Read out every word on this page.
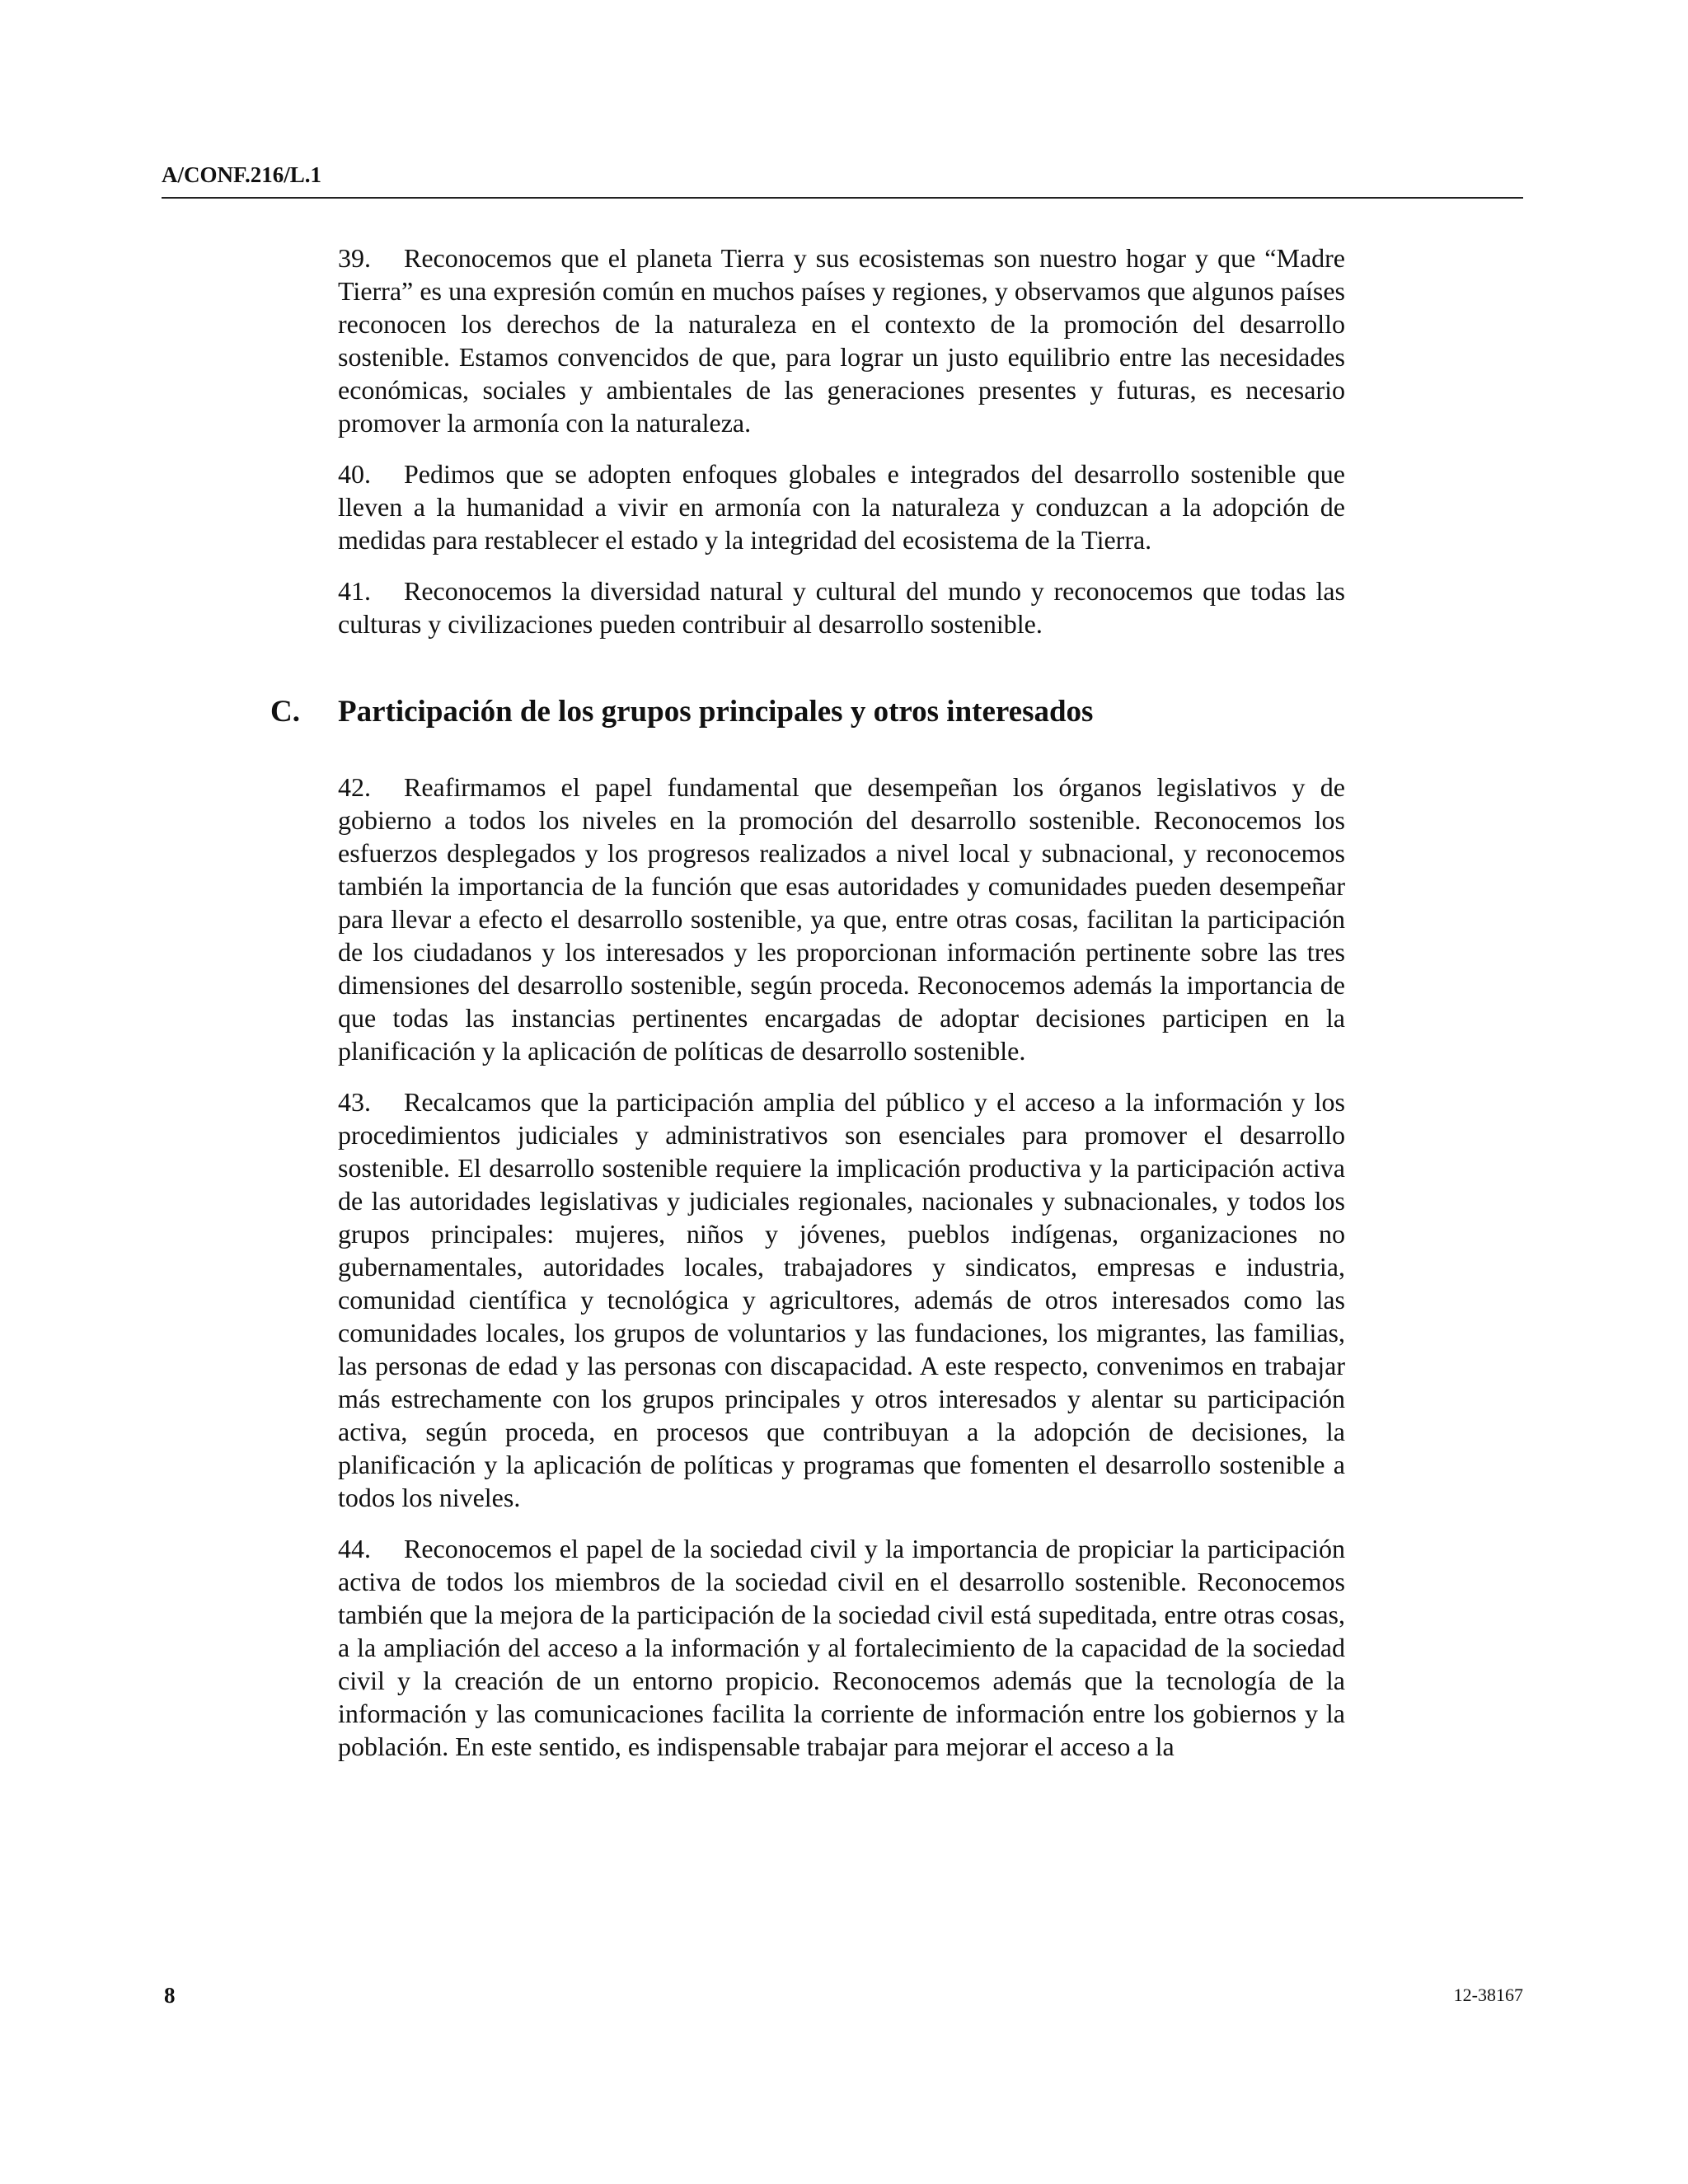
A/CONF.216/L.1

39. Reconocemos que el planeta Tierra y sus ecosistemas son nuestro hogar y que “Madre Tierra” es una expresión común en muchos países y regiones, y observamos que algunos países reconocen los derechos de la naturaleza en el contexto de la promoción del desarrollo sostenible. Estamos convencidos de que, para lograr un justo equilibrio entre las necesidades económicas, sociales y ambientales de las generaciones presentes y futuras, es necesario promover la armonía con la naturaleza.

40. Pedimos que se adopten enfoques globales e integrados del desarrollo sostenible que lleven a la humanidad a vivir en armonía con la naturaleza y conduzcan a la adopción de medidas para restablecer el estado y la integridad del ecosistema de la Tierra.

41. Reconocemos la diversidad natural y cultural del mundo y reconocemos que todas las culturas y civilizaciones pueden contribuir al desarrollo sostenible.

C. Participación de los grupos principales y otros interesados

42. Reafirmamos el papel fundamental que desempeñan los órganos legislativos y de gobierno a todos los niveles en la promoción del desarrollo sostenible. Reconocemos los esfuerzos desplegados y los progresos realizados a nivel local y subnacional, y reconocemos también la importancia de la función que esas autoridades y comunidades pueden desempeñar para llevar a efecto el desarrollo sostenible, ya que, entre otras cosas, facilitan la participación de los ciudadanos y los interesados y les proporcionan información pertinente sobre las tres dimensiones del desarrollo sostenible, según proceda. Reconocemos además la importancia de que todas las instancias pertinentes encargadas de adoptar decisiones participen en la planificación y la aplicación de políticas de desarrollo sostenible.

43. Recalcamos que la participación amplia del público y el acceso a la información y los procedimientos judiciales y administrativos son esenciales para promover el desarrollo sostenible. El desarrollo sostenible requiere la implicación productiva y la participación activa de las autoridades legislativas y judiciales regionales, nacionales y subnacionales, y todos los grupos principales: mujeres, niños y jóvenes, pueblos indígenas, organizaciones no gubernamentales, autoridades locales, trabajadores y sindicatos, empresas e industria, comunidad científica y tecnológica y agricultores, además de otros interesados como las comunidades locales, los grupos de voluntarios y las fundaciones, los migrantes, las familias, las personas de edad y las personas con discapacidad. A este respecto, convenimos en trabajar más estrechamente con los grupos principales y otros interesados y alentar su participación activa, según proceda, en procesos que contribuyan a la adopción de decisiones, la planificación y la aplicación de políticas y programas que fomenten el desarrollo sostenible a todos los niveles.

44. Reconocemos el papel de la sociedad civil y la importancia de propiciar la participación activa de todos los miembros de la sociedad civil en el desarrollo sostenible. Reconocemos también que la mejora de la participación de la sociedad civil está supeditada, entre otras cosas, a la ampliación del acceso a la información y al fortalecimiento de la capacidad de la sociedad civil y la creación de un entorno propicio. Reconocemos además que la tecnología de la información y las comunicaciones facilita la corriente de información entre los gobiernos y la población. En este sentido, es indispensable trabajar para mejorar el acceso a la

8	12-38167
